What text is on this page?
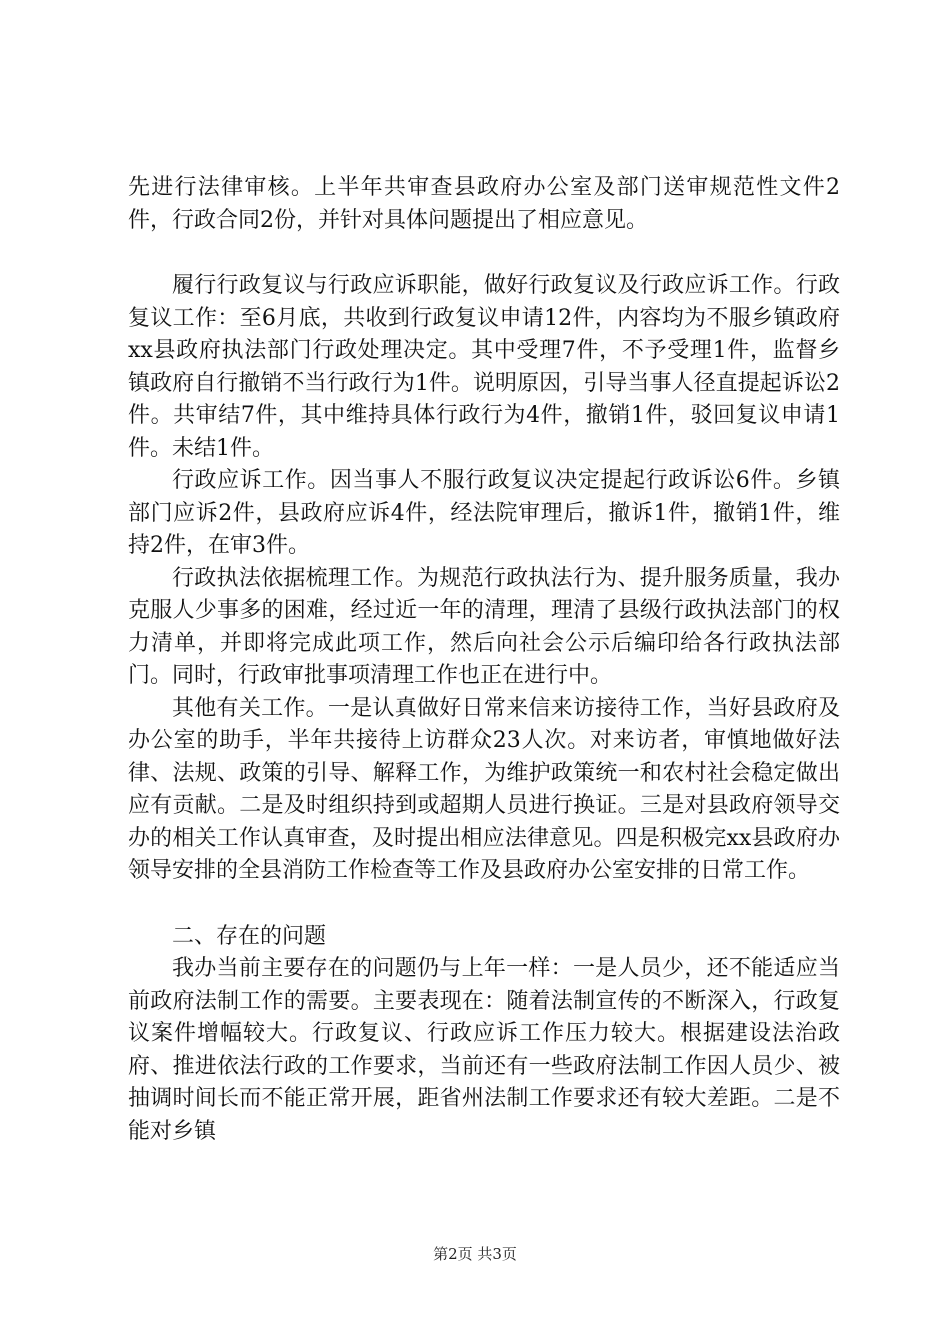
先进行法律审核。上半年共审查县政府办公室及部门送审规范性文件2件，行政合同2份，并针对具体问题提出了相应意见。

履行行政复议与行政应诉职能，做好行政复议及行政应诉工作。行政复议工作：至6月底，共收到行政复议申请12件，内容均为不服乡镇政府xx县政府执法部门行政处理决定。其中受理7件，不予受理1件，监督乡镇政府自行撤销不当行政行为1件。说明原因，引导当事人径直提起诉讼2件。共审结7件，其中维持具体行政行为4件，撤销1件，驳回复议申请1件。未结1件。

行政应诉工作。因当事人不服行政复议决定提起行政诉讼6件。乡镇部门应诉2件，县政府应诉4件，经法院审理后，撤诉1件，撤销1件，维持2件，在审3件。

行政执法依据梳理工作。为规范行政执法行为、提升服务质量，我办克服人少事多的困难，经过近一年的清理，理清了县级行政执法部门的权力清单，并即将完成此项工作，然后向社会公示后编印给各行政执法部门。同时，行政审批事项清理工作也正在进行中。

其他有关工作。一是认真做好日常来信来访接待工作，当好县政府及办公室的助手，半年共接待上访群众23人次。对来访者，审慎地做好法律、法规、政策的引导、解释工作，为维护政策统一和农村社会稳定做出应有贡献。二是及时组织持到或超期人员进行换证。三是对县政府领导交办的相关工作认真审查，及时提出相应法律意见。四是积极完xx县政府办领导安排的全县消防工作检查等工作及县政府办公室安排的日常工作。

二、存在的问题

我办当前主要存在的问题仍与上年一样：一是人员少，还不能适应当前政府法制工作的需要。主要表现在：随着法制宣传的不断深入，行政复议案件增幅较大。行政复议、行政应诉工作压力较大。根据建设法治政府、推进依法行政的工作要求，当前还有一些政府法制工作因人员少、被抽调时间长而不能正常开展，距省州法制工作要求还有较大差距。二是不能对乡镇

第2页 共3页
